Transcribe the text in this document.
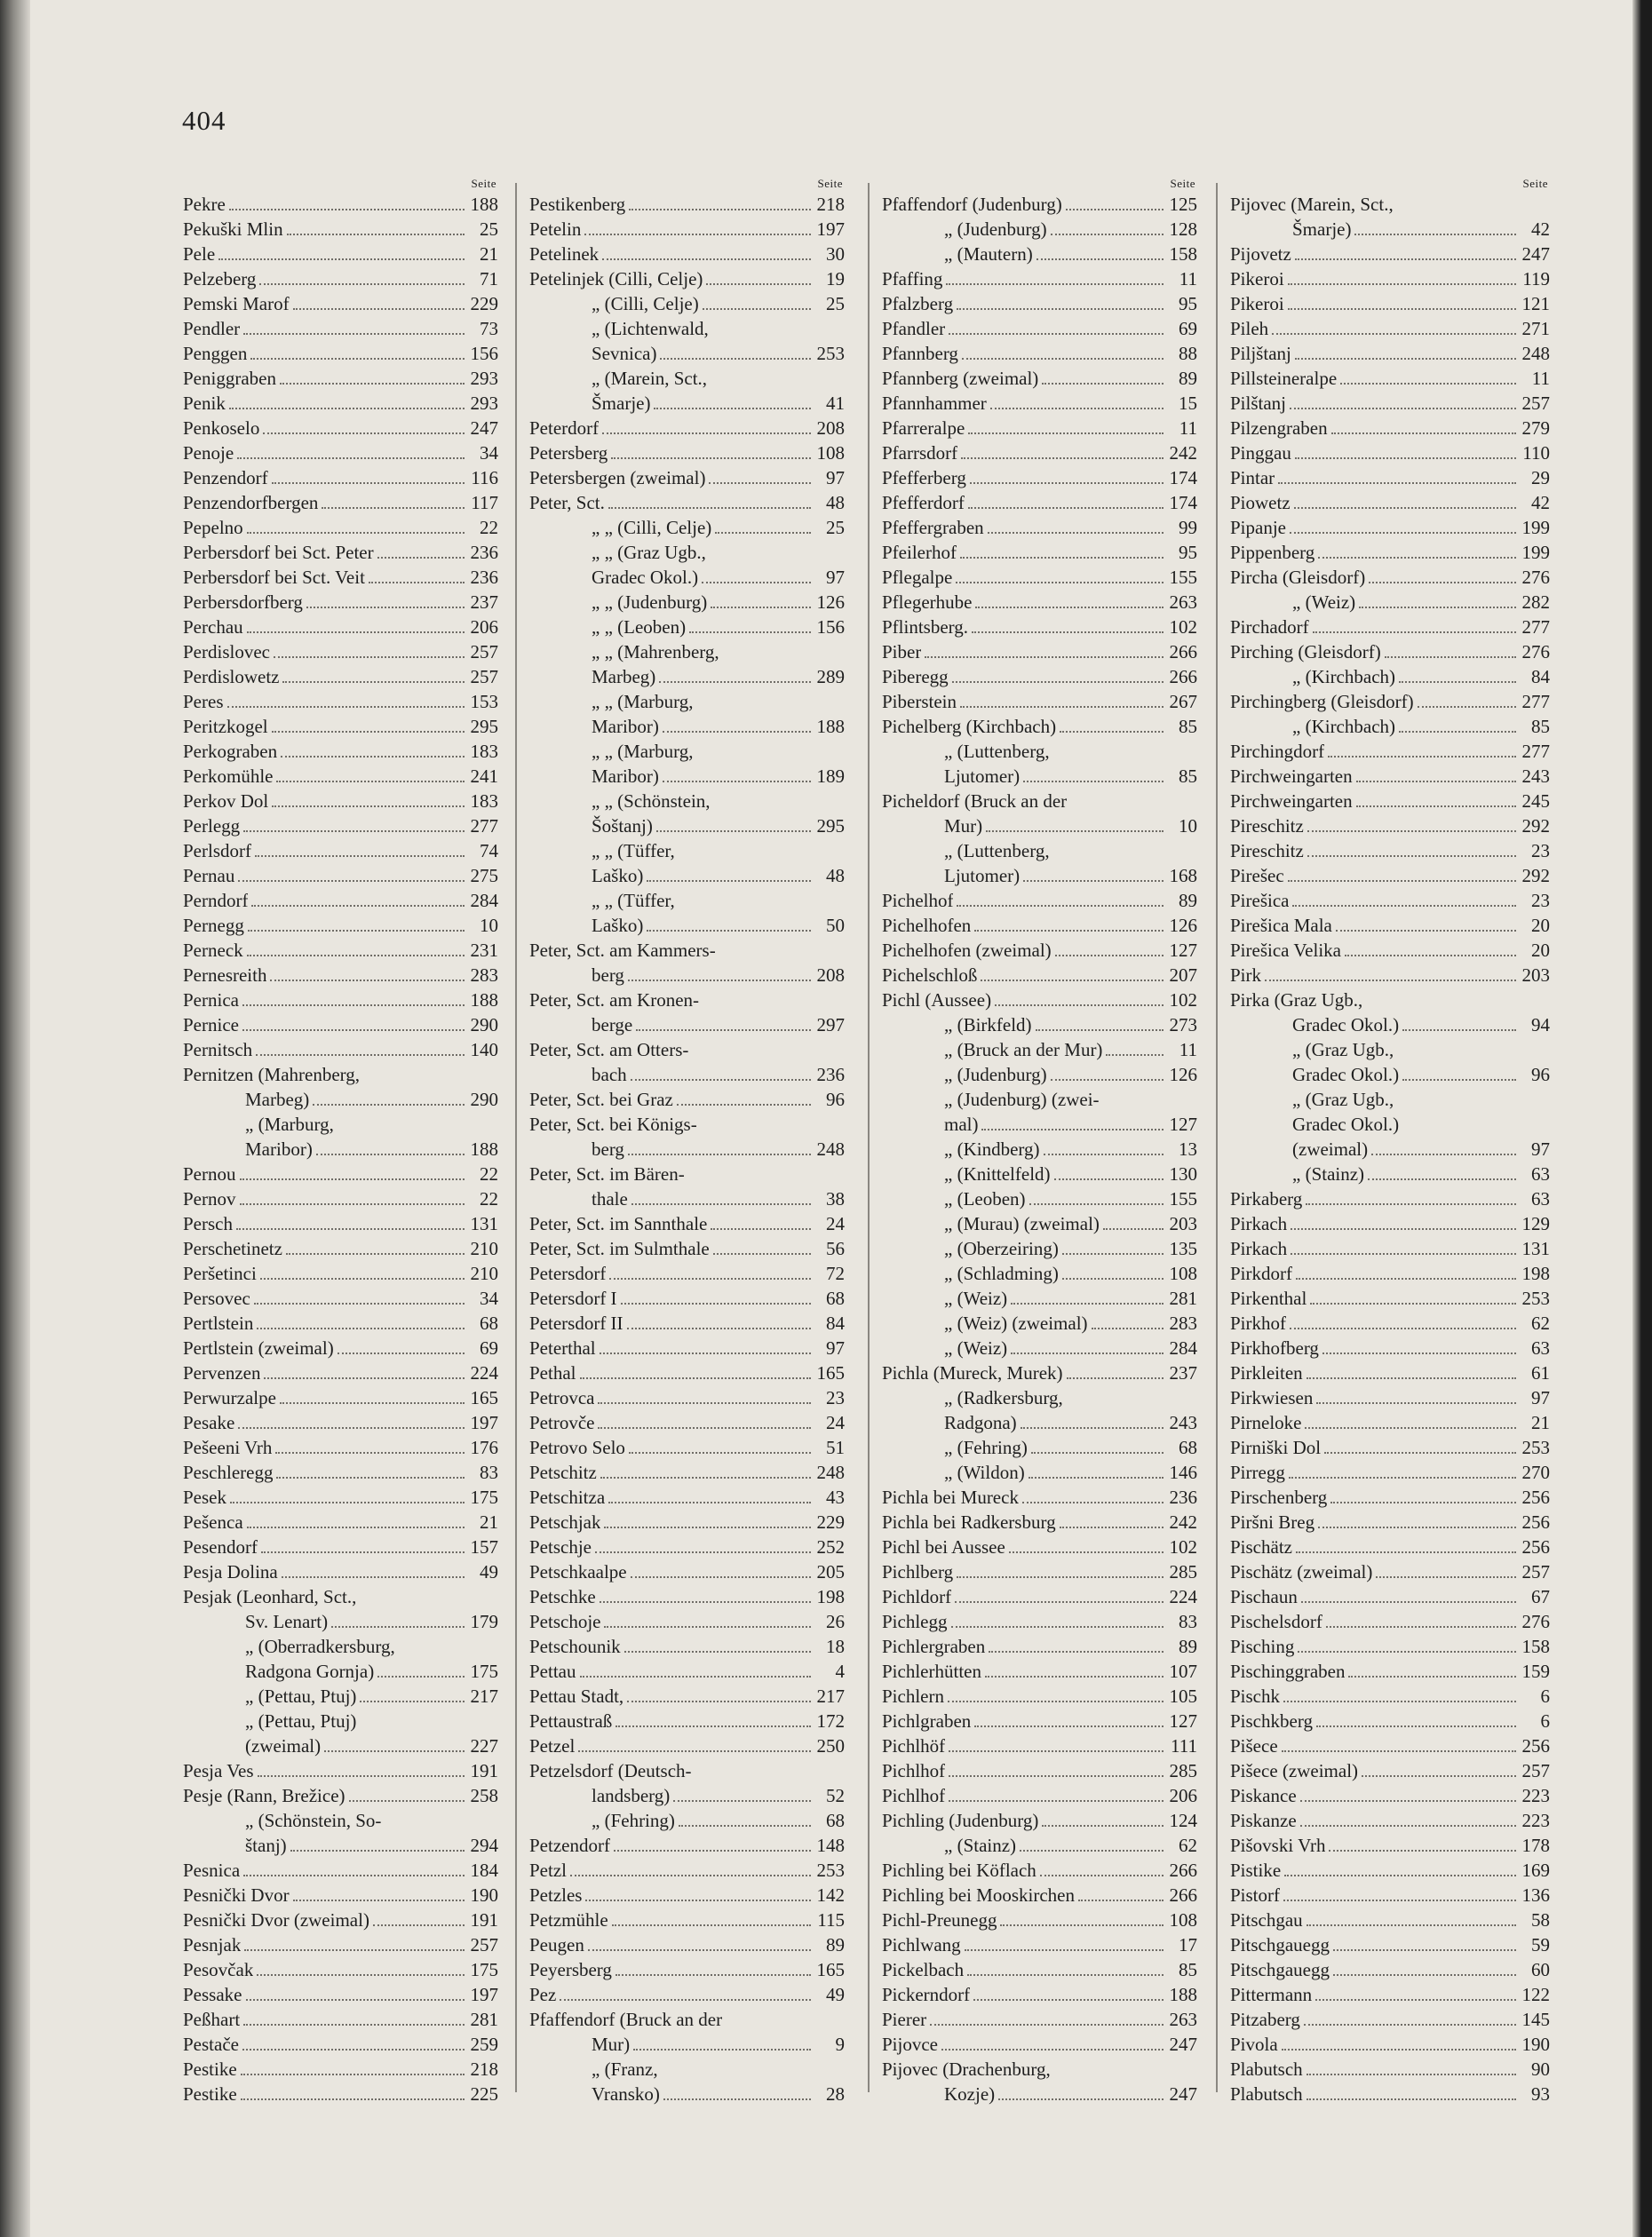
404
Seite
Pekre	188
Pekuški Mlin	25
Pele	21
Pelzeberg	71
Pemski Marof	229
Pendler	73
Penggen	156
Peniggraben	293
Penik	293
Penkoselo	247
Penoje	34
Penzendorf	116
Penzendorfbergen	117
Pepelno	22
Perbersdorf bei Sct. Peter	236
Perbersdorf bei Sct. Veit	236
Perbersdorfberg	237
Perchau	206
Perdislovec	257
Perdislowetz	257
Peres	153
Peritzkogel	295
Perkograben	183
Perkomühle	241
Perkov Dol	183
Perlegg	277
Perlsdorf	74
Pernau	275
Perndorf	284
Pernegg	10
Perneck	231
Pernesreith	283
Pernica	188
Pernice	290
Pernitsch	140
Pernitzen (Mahrenberg,
Marbeg)	290
„ (Marburg,
Maribor)	188
Pernou	22
Pernov	22
Persch	131
Perschetinetz	210
Peršetinci	210
Persovec	34
Pertlstein	68
Pertlstein (zweimal)	69
Pervenzen	224
Perwurzalpe	165
Pesake	197
Pešeeni Vrh	176
Peschleregg	83
Pesek	175
Pešenca	21
Pesendorf	157
Pesja Dolina	49
Pesjak (Leonhard, Sct.,
Sv. Lenart)	179
„ (Oberradkersburg,
Radgona Gornja)	175
„ (Pettau, Ptuj)	217
„ (Pettau, Ptuj)
(zweimal)	227
Pesja Ves	191
Pesje (Rann, Brežice)	258
„ (Schönstein, So-
štanj)	294
Pesnica	184
Pesnički Dvor	190
Pesnički Dvor (zweimal)	191
Pesnjak	257
Pesovčak	175
Pessake	197
Peßhart	281
Pestače	259
Pestike	218
Pestike	225
Seite
Pestikenberg	218
Petelin	197
Petelinek	30
Petelinjek (Cilli, Celje)	19
„ (Cilli, Celje)	25
„ (Lichtenwald,
Sevnica)	253
„ (Marein, Sct.,
Šmarje)	41
Peterdorf	208
Petersberg	108
Petersbergen (zweimal)	97
Peter, Sct.	48
„ „ (Cilli, Celje)	25
„ „ (Graz Ugb.,
Gradec Okol.)	97
„ „ (Judenburg)	126
„ „ (Leoben)	156
„ „ (Mahrenberg,
Marbeg)	289
„ „ (Marburg,
Maribor)	188
„ „ (Marburg,
Maribor)	189
„ „ (Schönstein,
Šoštanj)	295
„ „ (Tüffer,
Laško)	48
„ „ (Tüffer,
Laško)	50
Peter, Sct. am Kammers-
berg	208
Peter, Sct. am Kronen-
berge	297
Peter, Sct. am Otters-
bach	236
Peter, Sct. bei Graz	96
Peter, Sct. bei Königs-
berg	248
Peter, Sct. im Bären-
thale	38
Peter, Sct. im Sannthale	24
Peter, Sct. im Sulmthale	56
Petersdorf	72
Petersdorf I	68
Petersdorf II	84
Peterthal	97
Pethal	165
Petrovca	23
Petrovče	24
Petrovo Selo	51
Petschitz	248
Petschitza	43
Petschjak	229
Petschje	252
Petschkaalpe	205
Petschke	198
Petschoje	26
Petschounik	18
Pettau	4
Pettau Stadt,	217
Pettaustraß	172
Petzel	250
Petzelsdorf (Deutsch-
landsberg)	52
„ (Fehring)	68
Petzendorf	148
Petzl	253
Petzles	142
Petzmühle	115
Peugen	89
Peyersberg	165
Pez	49
Pfaffendorf (Bruck an der
Mur)	9
„ (Franz,
Vransko)	28
Seite
Pfaffendorf (Judenburg)	125
„ (Judenburg)	128
„ (Mautern)	158
Pfaffing	11
Pfalzberg	95
Pfandler	69
Pfannberg	88
Pfannberg (zweimal)	89
Pfannhammer	15
Pfarreralpe	11
Pfarrsdorf	242
Pfefferberg	174
Pfefferdorf	174
Pfeffergraben	99
Pfeilerhof	95
Pflegalpe	155
Pflegerhube	263
Pflintsberg.	102
Piber	266
Piberegg	266
Piberstein	267
Pichelberg (Kirchbach)	85
„ (Luttenberg,
Ljutomer)	85
Picheldorf (Bruck an der
Mur)	10
„ (Luttenberg,
Ljutomer)	168
Pichelhof	89
Pichelhofen	126
Pichelhofen (zweimal)	127
Pichelschloß	207
Pichl (Aussee)	102
„ (Birkfeld)	273
„ (Bruck an der Mur)	11
„ (Judenburg)	126
„ (Judenburg) (zwei-
mal)	127
„ (Kindberg)	13
„ (Knittelfeld)	130
„ (Leoben)	155
„ (Murau) (zweimal)	203
„ (Oberzeiring)	135
„ (Schladming)	108
„ (Weiz)	281
„ (Weiz) (zweimal)	283
„ (Weiz)	284
Pichla (Mureck, Murek)	237
„ (Radkersburg,
Radgona)	243
„ (Fehring)	68
„ (Wildon)	146
Pichla bei Mureck	236
Pichla bei Radkersburg	242
Pichl bei Aussee	102
Pichlberg	285
Pichldorf	224
Pichlegg	83
Pichlergraben	89
Pichlerhütten	107
Pichlern	105
Pichlgraben	127
Pichlhöf	111
Pichlhof	285
Pichlhof	206
Pichling (Judenburg)	124
„ (Stainz)	62
Pichling bei Köflach	266
Pichling bei Mooskirchen	266
Pichl-Preunegg	108
Pichlwang	17
Pickelbach	85
Pickerndorf	188
Pierer	263
Pijovce	247
Pijovec (Drachenburg,
Kozje)	247
Seite
Pijovec (Marein, Sct.,
Šmarje)	42
Pijovetz	247
Pikeroi	119
Pikeroi	121
Pileh	271
Piljštanj	248
Pillsteineralpe	11
Pilštanj	257
Pilzengraben	279
Pinggau	110
Pintar	29
Piowetz	42
Pipanje	199
Pippenberg	199
Pircha (Gleisdorf)	276
„ (Weiz)	282
Pirchadorf	277
Pirching (Gleisdorf)	276
„ (Kirchbach)	84
Pirchingberg (Gleisdorf)	277
„ (Kirchbach)	85
Pirchingdorf	277
Pirchweingarten	243
Pirchweingarten	245
Pireschitz	292
Pireschitz	23
Pirešec	292
Pirešica	23
Pirešica Mala	20
Pirešica Velika	20
Pirk	203
Pirka (Graz Ugb.,
Gradec Okol.)	94
„ (Graz Ugb.,
Gradec Okol.)	96
„ (Graz Ugb.,
Gradec Okol.)
(zweimal)	97
„ (Stainz)	63
Pirkaberg	63
Pirkach	129
Pirkach	131
Pirkdorf	198
Pirkenthal	253
Pirkhof	62
Pirkhofberg	63
Pirkleiten	61
Pirkwiesen	97
Pirneloke	21
Pirniški Dol	253
Pirregg	270
Pirschenberg	256
Piršni Breg	256
Pischätz	256
Pischätz (zweimal)	257
Pischaun	67
Pischelsdorf	276
Pisching	158
Pischinggraben	159
Pischk	6
Pischkberg	6
Pišece	256
Pišece (zweimal)	257
Piskance	223
Piskanze	223
Pišovski Vrh	178
Pistike	169
Pistorf	136
Pitschgau	58
Pitschgauegg	59
Pitschgauegg	60
Pittermann	122
Pitzaberg	145
Pivola	190
Plabutsch	90
Plabutsch	93
